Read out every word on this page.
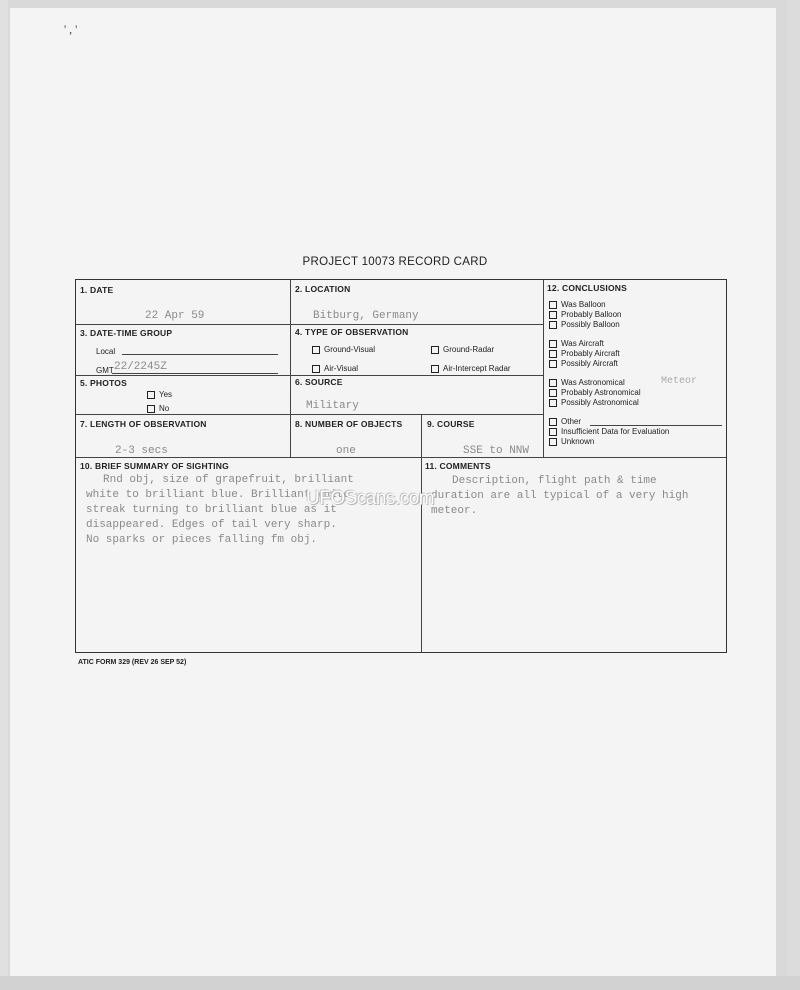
' , '
PROJECT 10073 RECORD CARD
1. DATE
22 Apr 59
2. LOCATION
Bitburg, Germany
3. DATE-TIME GROUP
Local
GMT 22/2245Z
4. TYPE OF OBSERVATION
Ground-Visual	Ground-Radar
Air-Visual	Air-Intercept Radar
5. PHOTOS
Yes
No
6. SOURCE
Military
7. LENGTH OF OBSERVATION
2-3 secs
8. NUMBER OF OBJECTS
one
9. COURSE
SSE to NNW
10. BRIEF SUMMARY OF SIGHTING
Rnd obj, size of grapefruit, brilliant
white to brilliant blue. Brilliant white
streak turning to brilliant blue as it
disappeared. Edges of tail very sharp.
No sparks or pieces falling fm obj.
11. COMMENTS
Description, flight path & time
duration are all typical of a very high
meteor.
12. CONCLUSIONS
Was Balloon
Probably Balloon
Possibly Balloon
Was Aircraft
Probably Aircraft
Possibly Aircraft
Was Astronomical	Meteor
Probably Astronomical
Possibly Astronomical
Other
Insufficient Data for Evaluation
Unknown
ATIC FORM 329 (REV 26 SEP 52)
UFOScans.com
